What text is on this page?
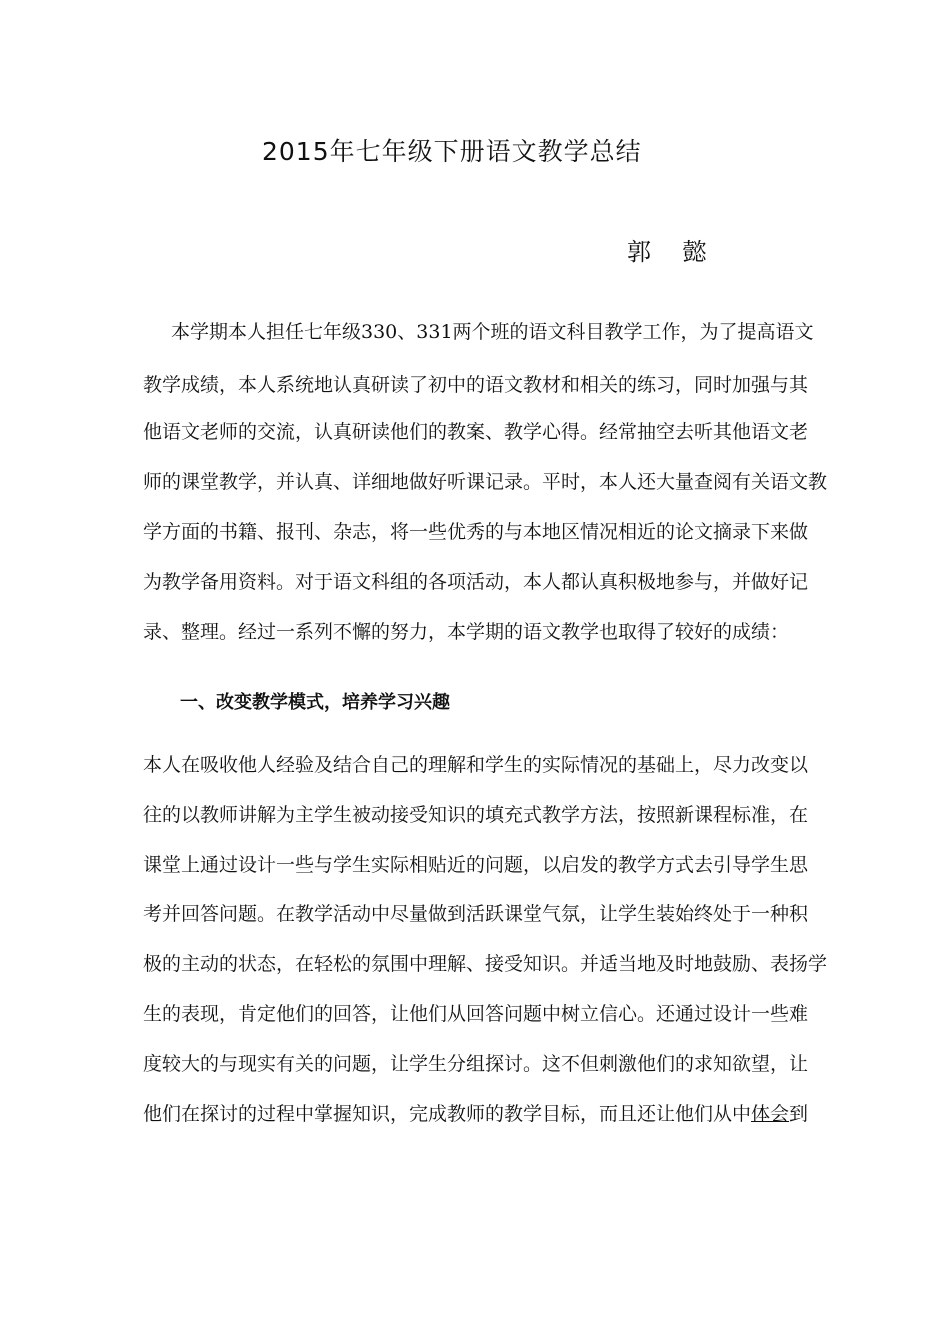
2015年七年级下册语文教学总结
郭 懿
本学期本人担任七年级330、331两个班的语文科目教学工作，为了提高语文
教学成绩，本人系统地认真研读了初中的语文教材和相关的练习，同时加强与其
他语文老师的交流，认真研读他们的教案、教学心得。经常抽空去听其他语文老
师的课堂教学，并认真、详细地做好听课记录。平时，本人还大量查阅有关语文教
学方面的书籍、报刊、杂志，将一些优秀的与本地区情况相近的论文摘录下来做
为教学备用资料。对于语文科组的各项活动，本人都认真积极地参与，并做好记
录、整理。经过一系列不懈的努力，本学期的语文教学也取得了较好的成绩：
一、改变教学模式，培养学习兴趣
本人在吸收他人经验及结合自己的理解和学生的实际情况的基础上，尽力改变以
往的以教师讲解为主学生被动接受知识的填充式教学方法，按照新课程标准，在
课堂上通过设计一些与学生实际相贴近的问题，以启发的教学方式去引导学生思
考并回答问题。在教学活动中尽量做到活跃课堂气氛，让学生装始终处于一种积
极的主动的状态，在轻松的氛围中理解、接受知识。并适当地及时地鼓励、表扬学
生的表现，肯定他们的回答，让他们从回答问题中树立信心。还通过设计一些难
度较大的与现实有关的问题，让学生分组探讨。这不但刺激他们的求知欲望，让
他们在探讨的过程中掌握知识，完成教师的教学目标，而且还让他们从中体会到
